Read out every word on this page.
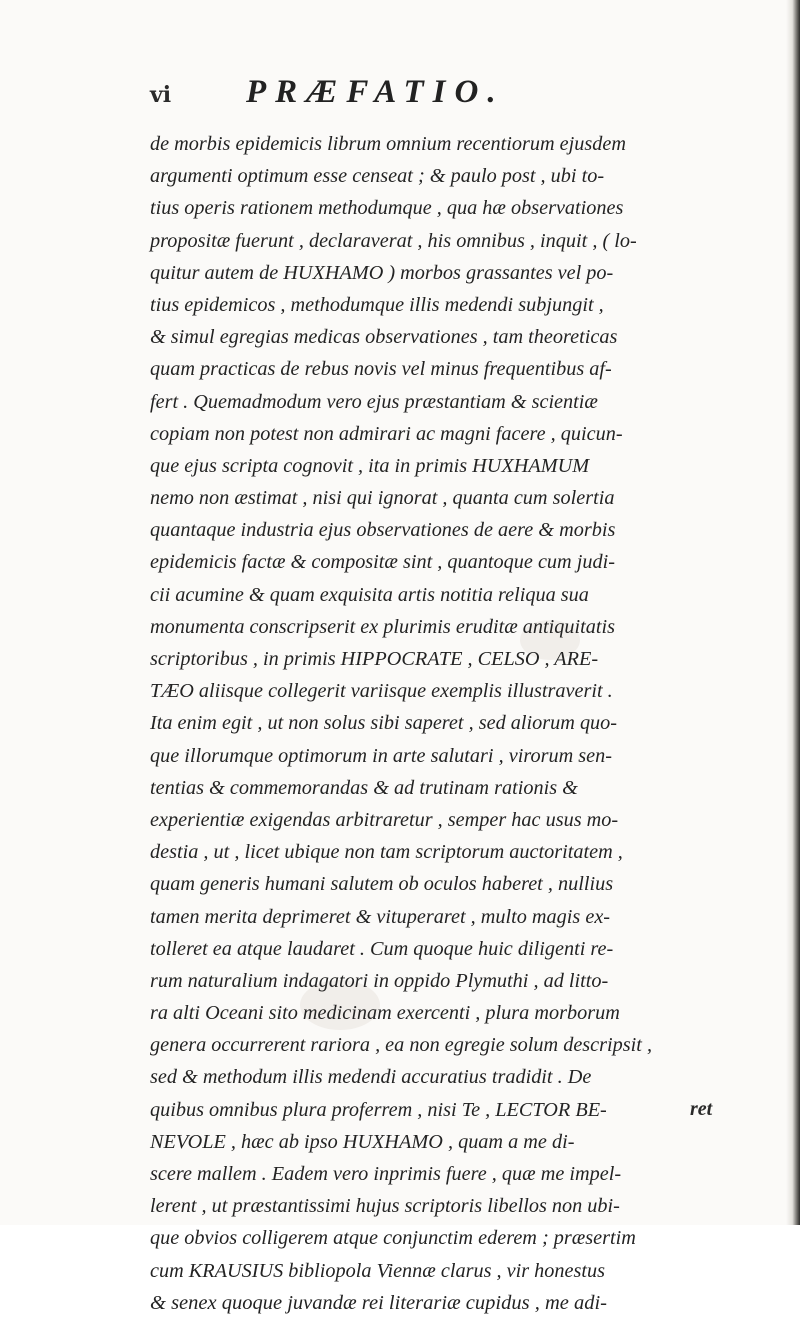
vi PRÆFATIO.
de morbis epidemicis librum omnium recentiorum ejusdem
argumenti optimum esse censeat ; & paulo post , ubi to-
tius operis rationem methodumque , qua hæ observationes
propositæ fuerunt , declaraverat , his omnibus , inquit , ( lo-
quitur autem de HUXHAMO ) morbos grassantes vel po-
tius epidemicos , methodumque illis medendi subjungit ,
& simul egregias medicas observationes , tam theoreticas
quam practicas de rebus novis vel minus frequentibus af-
fert . Quemadmodum vero ejus præstantiam & scientiæ
copiam non potest non admirari ac magni facere , quicun-
que ejus scripta cognovit , ita in primis HUXHAMUM
nemo non æstimat , nisi qui ignorat , quanta cum solertia
quantaque industria ejus observationes de aere & morbis
epidemicis factæ & compositæ sint , quantoque cum judi-
cii acumine & quam exquisita artis notitia reliqua sua
monumenta conscripserit ex plurimis eruditæ antiquitatis
scriptoribus , in primis HIPPOCRATE , CELSO , ARE-
TÆO aliisque collegerit variisque exemplis illustraverit .
Ita enim egit , ut non solus sibi saperet , sed aliorum quo-
que illorumque optimorum in arte salutari , virorum sen-
tentias & commemorandas & ad trutinam rationis &
experientiæ exigendas arbitraretur , semper hac usus mo-
destia , ut , licet ubique non tam scriptorum auctoritatem ,
quam generis humani salutem ob oculos haberet , nullius
tamen merita deprimeret & vituperaret , multo magis ex-
tolleret ea atque laudaret . Cum quoque huic diligenti re-
rum naturalium indagatori in oppido Plymuthi , ad litto-
ra alti Oceani sito medicinam exercenti , plura morborum
genera occurrerent rariora , ea non egregie solum descripsit ,
sed & methodum illis medendi accuratius tradidit . De
quibus omnibus plura proferrem , nisi Te , LECTOR BE-
NEVOLE , hæc ab ipso HUXHAMO , quam a me di-
scere mallem . Eadem vero inprimis fuere , quæ me impel-
lerent , ut præstantissimi hujus scriptoris libellos non ubi-
que obvios colligerem atque conjunctim ederem ; præsertim
cum KRAUSIUS bibliopola Viennæ clarus , vir honestus
& senex quoque juvandæ rei literariæ cupidus , me adi-
ret
